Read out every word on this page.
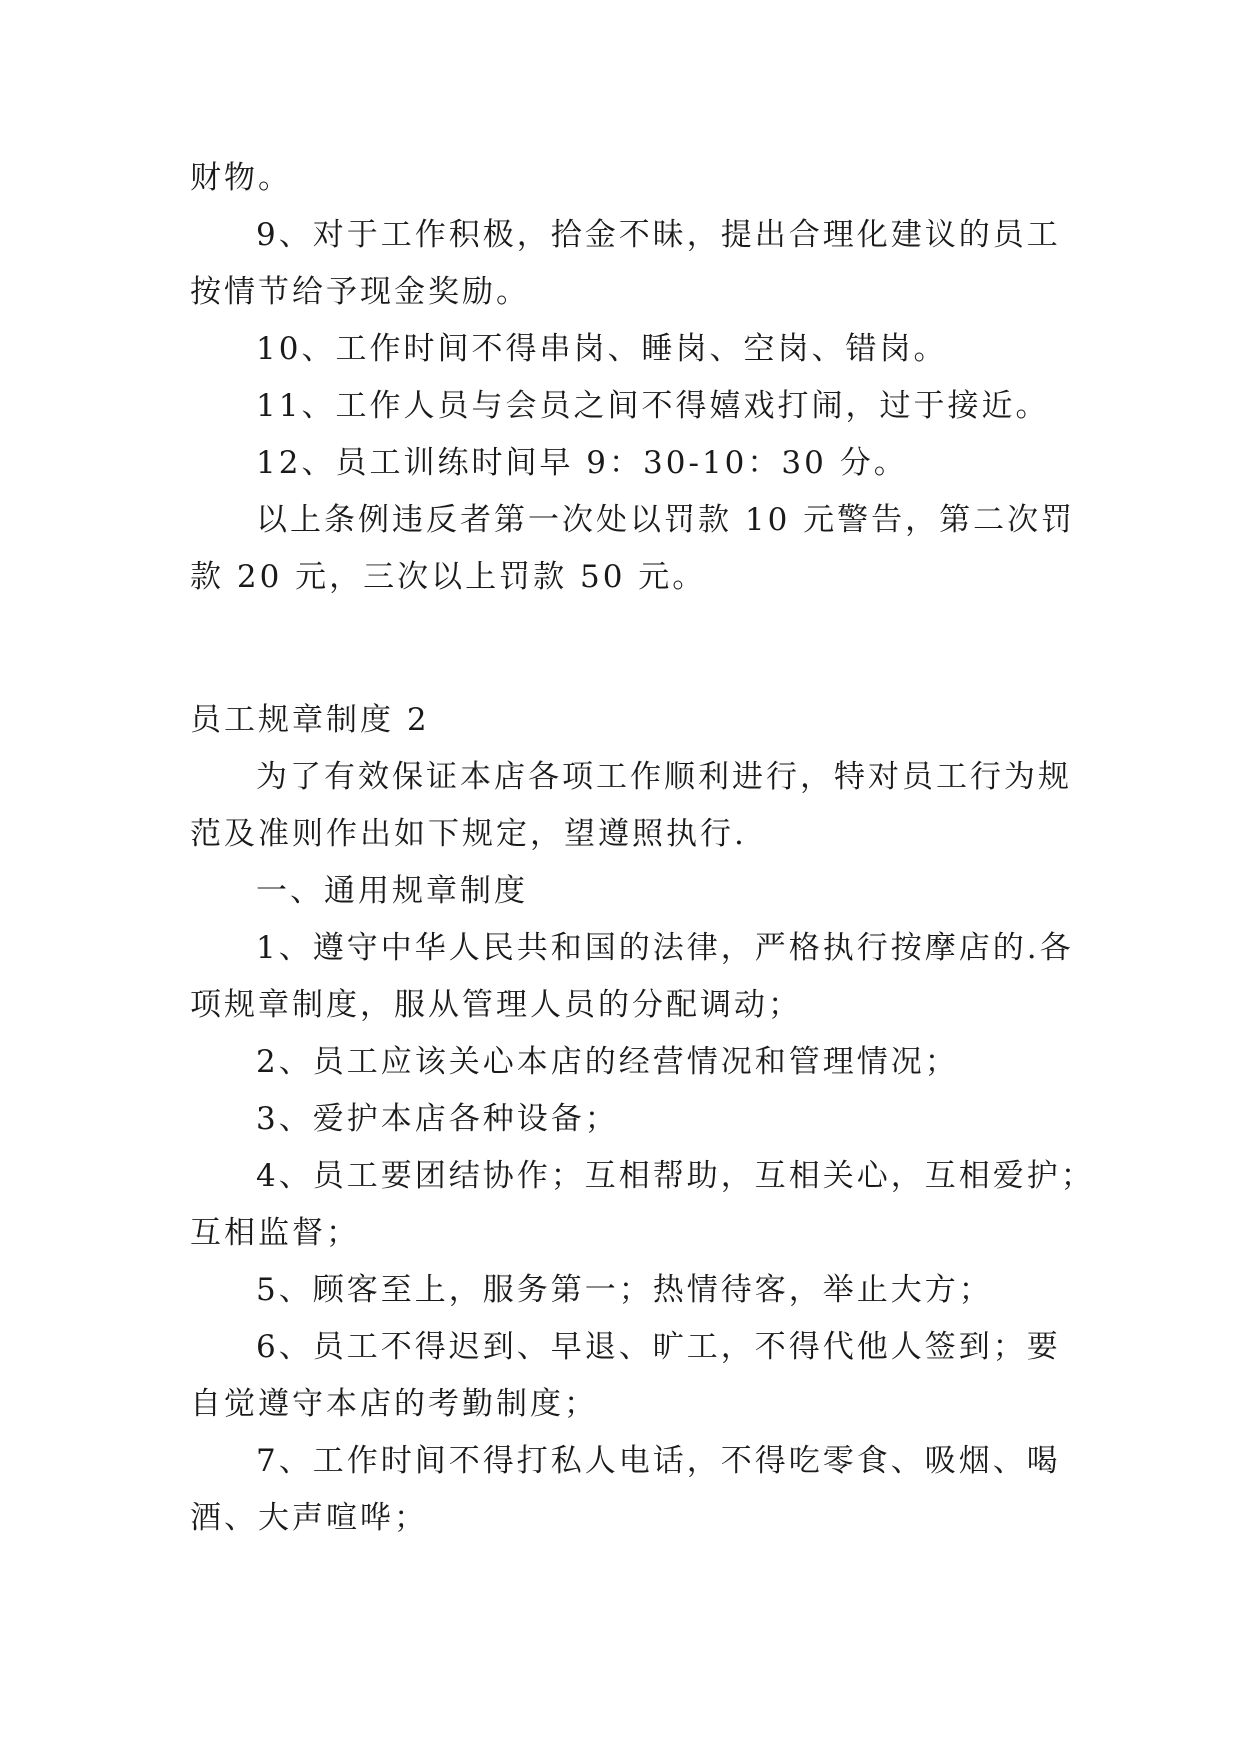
财物。

9、对于工作积极，拾金不昧，提出合理化建议的员工

按情节给予现金奖励。

10、工作时间不得串岗、睡岗、空岗、错岗。

11、工作人员与会员之间不得嬉戏打闹，过于接近。

12、员工训练时间早 9：30-10：30 分。

以上条例违反者第一次处以罚款 10 元警告，第二次罚

款 20 元，三次以上罚款 50 元。

员工规章制度 2

为了有效保证本店各项工作顺利进行，特对员工行为规

范及准则作出如下规定，望遵照执行.

一、通用规章制度

1、遵守中华人民共和国的法律，严格执行按摩店的.各

项规章制度，服从管理人员的分配调动；

2、员工应该关心本店的经营情况和管理情况；

3、爱护本店各种设备；

4、员工要团结协作；互相帮助，互相关心，互相爱护；

互相监督；

5、顾客至上，服务第一；热情待客，举止大方；

6、员工不得迟到、早退、旷工，不得代他人签到；要

自觉遵守本店的考勤制度；

7、工作时间不得打私人电话，不得吃零食、吸烟、喝

酒、大声喧哗；
